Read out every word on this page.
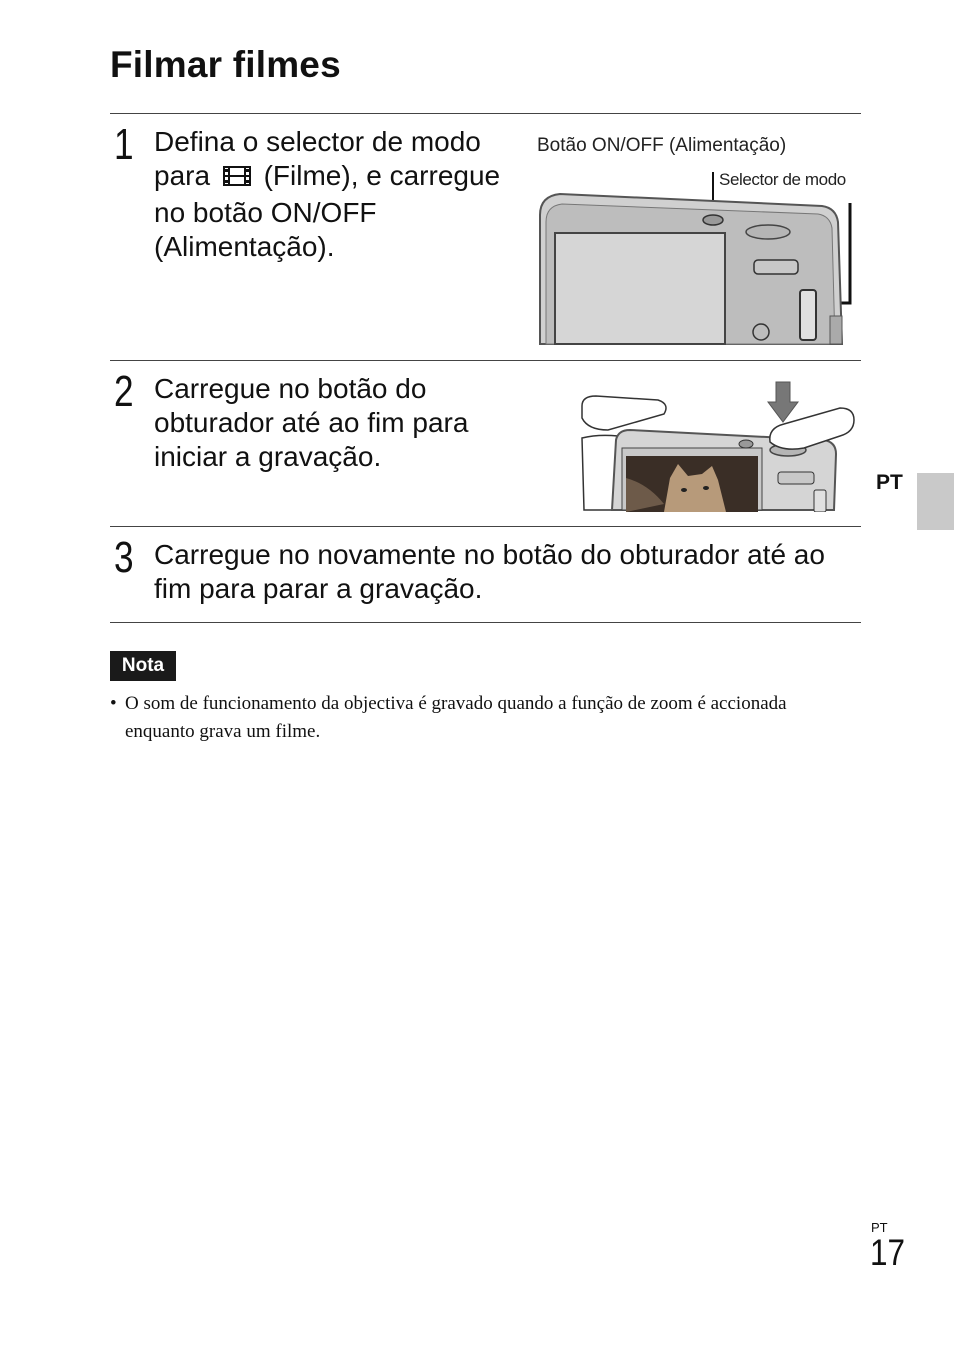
Filmar filmes
1 Defina o selector de modo para (Filme), e carregue no botão ON/OFF (Alimentação).
Botão ON/OFF (Alimentação)
Selector de modo
2 Carregue no botão do obturador até ao fim para iniciar a gravação.
3 Carregue no novamente no botão do obturador até ao fim para parar a gravação.
Nota
• O som de funcionamento da objectiva é gravado quando a função de zoom é accionada enquanto grava um filme.
PT
PT
17
